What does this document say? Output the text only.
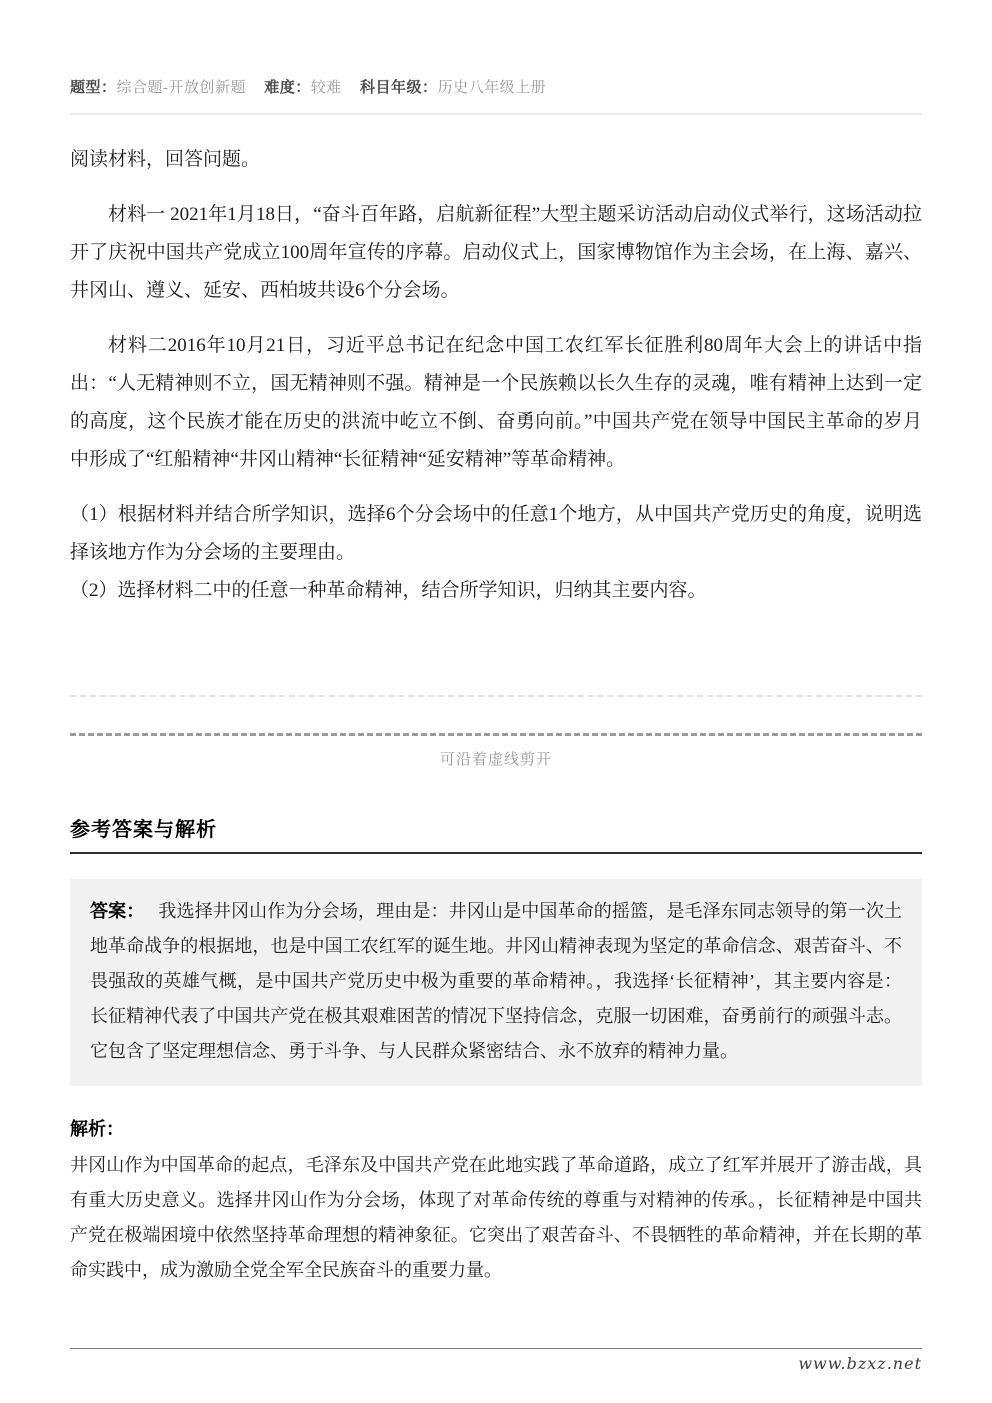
题型：综合题-开放创新题 难度：较难 科目年级：历史八年级上册

阅读材料，回答问题。

材料一 2021年1月18日，“奋斗百年路，启航新征程”大型主题采访活动启动仪式举行，这场活动拉开了庆祝中国共产党成立100周年宣传的序幕。启动仪式上，国家博物馆作为主会场，在上海、嘉兴、井冈山、遵义、延安、西柏坡共设6个分会场。

材料二2016年10月21日，习近平总书记在纪念中国工农红军长征胜利80周年大会上的讲话中指出：“人无精神则不立，国无精神则不强。精神是一个民族赖以长久生存的灵魂，唯有精神上达到一定的高度，这个民族才能在历史的洪流中屹立不倒、奋勇向前。”中国共产党在领导中国民主革命的岁月中形成了“红船精神“井冈山精神“长征精神“延安精神”等革命精神。

（1）根据材料并结合所学知识，选择6个分会场中的任意1个地方，从中国共产党历史的角度，说明选择该地方作为分会场的主要理由。

（2）选择材料二中的任意一种革命精神，结合所学知识，归纳其主要内容。

可沿着虚线剪开
参考答案与解析
答案： 我选择井冈山作为分会场，理由是：井冈山是中国革命的摇篮，是毛泽东同志领导的第一次土地革命战争的根据地，也是中国工农红军的诞生地。井冈山精神表现为坚定的革命信念、艰苦奋斗、不畏强敌的英雄气概，是中国共产党历史中极为重要的革命精神。，我选择‘长征精神’，其主要内容是：长征精神代表了中国共产党在极其艰难困苦的情况下坚持信念，克服一切困难，奋勇前行的顽强斗志。它包含了坚定理想信念、勇于斗争、与人民群众紧密结合、永不放弃的精神力量。
解析：

井冈山作为中国革命的起点，毛泽东及中国共产党在此地实践了革命道路，成立了红军并展开了游击战，具有重大历史意义。选择井冈山作为分会场，体现了对革命传统的尊重与对精神的传承。，长征精神是中国共产党在极端困境中依然坚持革命理想的精神象征。它突出了艰苦奋斗、不畏牺牲的革命精神，并在长期的革命实践中，成为激励全党全军全民族奋斗的重要力量。

www.bzxz.net
